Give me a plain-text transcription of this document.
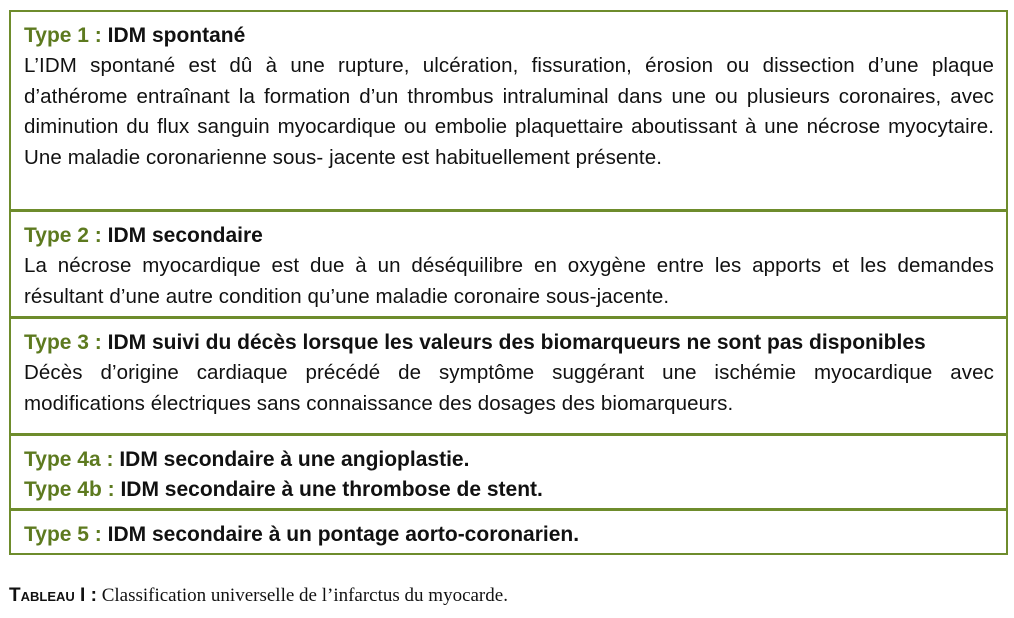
Type 1 : IDM spontané
L’IDM spontané est dû à une rupture, ulcération, fissuration, érosion ou dissection d’une plaque d’athérome entraînant la formation d’un thrombus intraluminal dans une ou plusieurs coronaires, avec diminution du flux sanguin myocardique ou embolie plaquettaire aboutissant à une nécrose myocytaire. Une maladie coronarienne sous- jacente est habituellement présente.
Type 2 : IDM secondaire
La nécrose myocardique est due à un déséquilibre en oxygène entre les apports et les demandes résultant d’une autre condition qu’une maladie coronaire sous-jacente.
Type 3 : IDM suivi du décès lorsque les valeurs des biomarqueurs ne sont pas disponibles
Décès d’origine cardiaque précédé de symptôme suggérant une ischémie myocardique avec modifications électriques sans connaissance des dosages des biomarqueurs.
Type 4a : IDM secondaire à une angioplastie.
Type 4b : IDM secondaire à une thrombose de stent.
Type 5 : IDM secondaire à un pontage aorto-coronarien.
Tableau I : Classification universelle de l’infarctus du myocarde.
